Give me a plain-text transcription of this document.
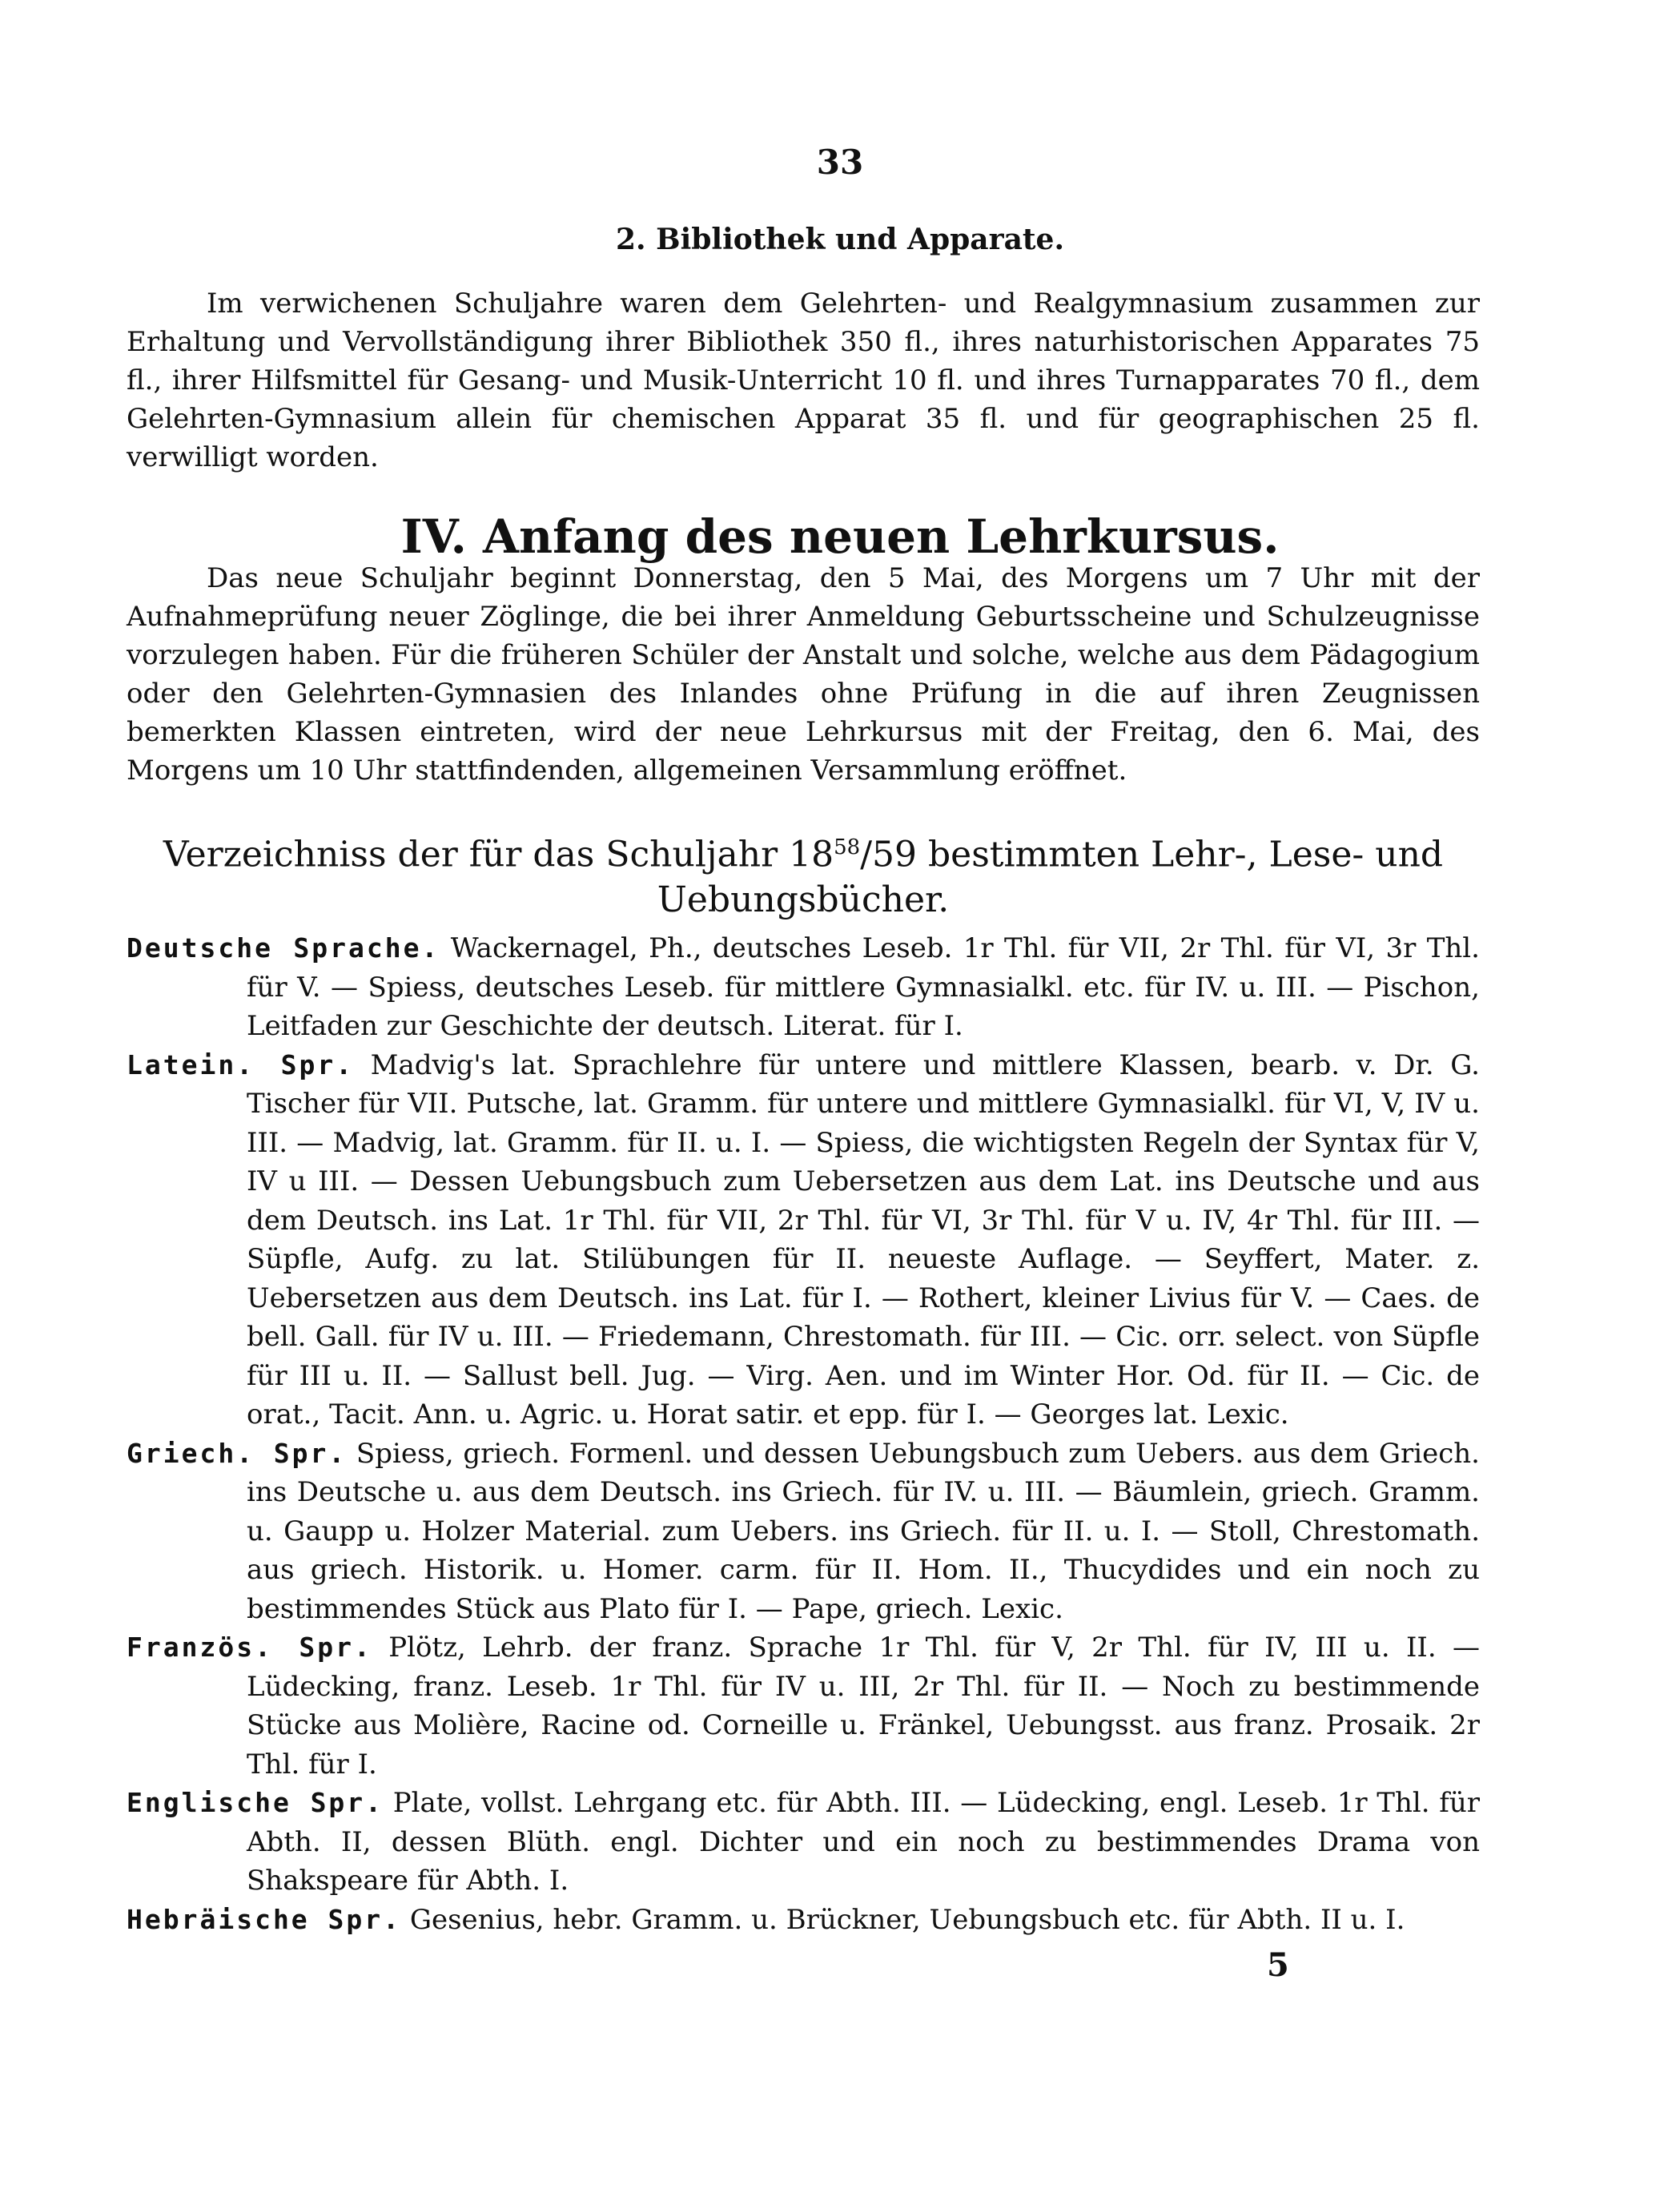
33

2. Bibliothek und Apparate.

Im verwichenen Schuljahre waren dem Gelehrten- und Realgymnasium zusammen zur Erhaltung und Vervollständigung ihrer Bibliothek 350 fl., ihres naturhistorischen Apparates 75 fl., ihrer Hilfsmittel für Gesang- und Musik-Unterricht 10 fl. und ihres Turnapparates 70 fl., dem Gelehrten-Gymnasium allein für chemischen Apparat 35 fl. und für geographischen 25 fl. verwilligt worden.

IV. Anfang des neuen Lehrkursus.

Das neue Schuljahr beginnt Donnerstag, den 5 Mai, des Morgens um 7 Uhr mit der Aufnahmeprüfung neuer Zöglinge, die bei ihrer Anmeldung Geburtsscheine und Schulzeugnisse vorzulegen haben. Für die früheren Schüler der Anstalt und solche, welche aus dem Pädagogium oder den Gelehrten-Gymnasien des Inlandes ohne Prüfung in die auf ihren Zeugnissen bemerkten Klassen eintreten, wird der neue Lehrkursus mit der Freitag, den 6. Mai, des Morgens um 10 Uhr stattfindenden, allgemeinen Versammlung eröffnet.

Verzeichniss der für das Schuljahr $18^{58}/59$ bestimmten Lehr-, Lese- und Uebungsbücher.

Deutsche Sprache. Wackernagel, Ph., deutsches Leseb. 1r Thl. für VII, 2r Thl. für VI, 3r Thl. für V. — Spiess, deutsches Leseb. für mittlere Gymnasialkl. etc. für IV. u. III. — Pischon, Leitfaden zur Geschichte der deutsch. Literat. für I.

Latein. Spr. Madvig's lat. Sprachlehre für untere und mittlere Klassen, bearb. v. Dr. G. Tischer für VII. Putsche, lat. Gramm. für untere und mittlere Gymnasialkl. für VI, V, IV u. III. — Madvig, lat. Gramm. für II. u. I. — Spiess, die wichtigsten Regeln der Syntax für V, IV u III. — Dessen Uebungsbuch zum Uebersetzen aus dem Lat. ins Deutsche und aus dem Deutsch. ins Lat. 1r Thl. für VII, 2r Thl. für VI, 3r Thl. für V u. IV, 4r Thl. für III. — Süpfle, Aufg. zu lat. Stilübungen für II. neueste Auflage. — Seyffert, Mater. z. Uebersetzen aus dem Deutsch. ins Lat. für I. — Rothert, kleiner Livius für V. — Caes. de bell. Gall. für IV u. III. — Friedemann, Chrestomath. für III. — Cic. orr. select. von Süpfle für III u. II. — Sallust bell. Jug. — Virg. Aen. und im Winter Hor. Od. für II. — Cic. de orat., Tacit. Ann. u. Agric. u. Horat satir. et epp. für I. — Georges lat. Lexic.

Griech. Spr. Spiess, griech. Formenl. und dessen Uebungsbuch zum Uebers. aus dem Griech. ins Deutsche u. aus dem Deutsch. ins Griech. für IV. u. III. — Bäumlein, griech. Gramm. u. Gaupp u. Holzer Material. zum Uebers. ins Griech. für II. u. I. — Stoll, Chrestomath. aus griech. Historik. u. Homer. carm. für II. Hom. II., Thucydides und ein noch zu bestimmendes Stück aus Plato für I. — Pape, griech. Lexic.

Französ. Spr. Plötz, Lehrb. der franz. Sprache 1r Thl. für V, 2r Thl. für IV, III u. II. — Lüdecking, franz. Leseb. 1r Thl. für IV u. III, 2r Thl. für II. — Noch zu bestimmende Stücke aus Molière, Racine od. Corneille u. Fränkel, Uebungsst. aus franz. Prosaik. 2r Thl. für I.

Englische Spr. Plate, vollst. Lehrgang etc. für Abth. III. — Lüdecking, engl. Leseb. 1r Thl. für Abth. II, dessen Blüth. engl. Dichter und ein noch zu bestimmendes Drama von Shakspeare für Abth. I.

Hebräische Spr. Gesenius, hebr. Gramm. u. Brückner, Uebungsbuch etc. für Abth. II u. I.

5
